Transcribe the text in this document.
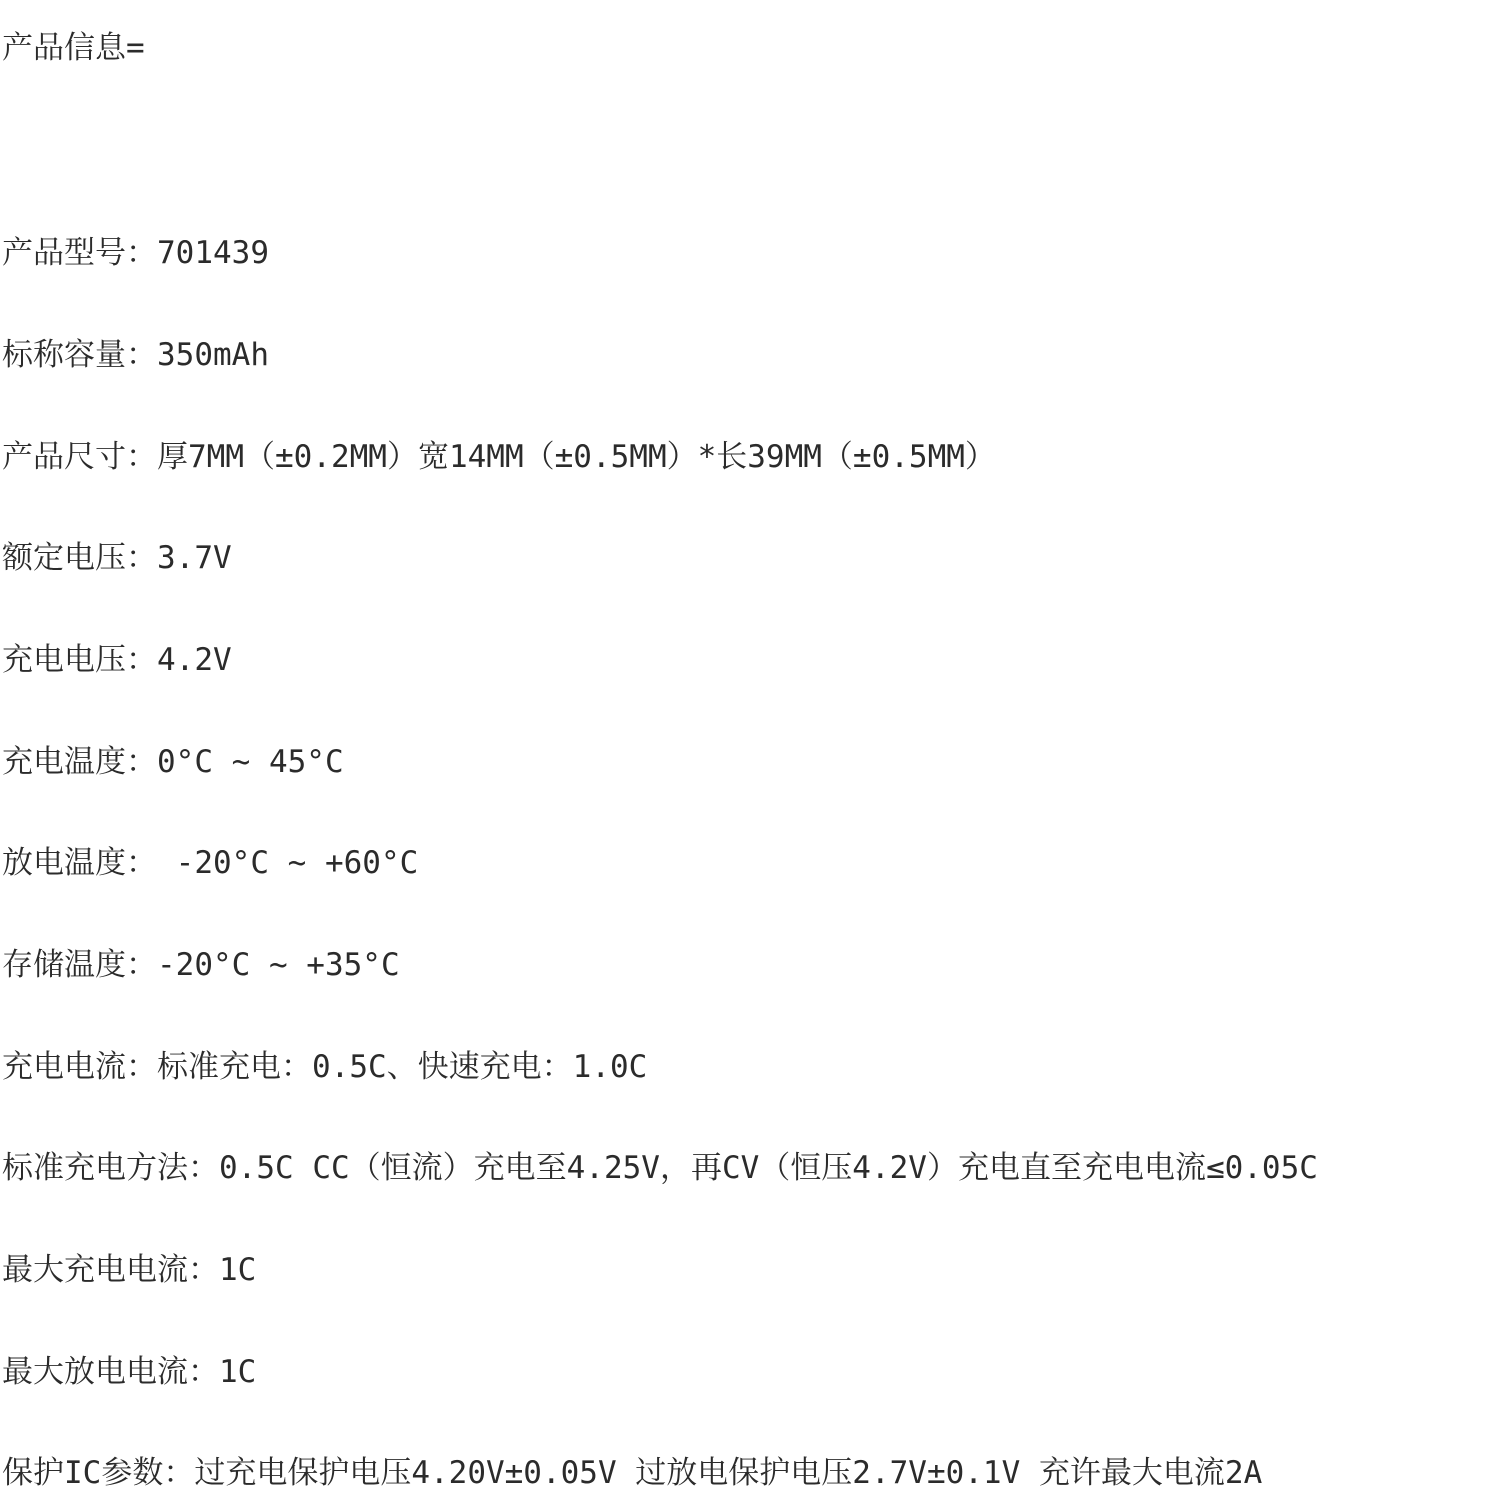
产品信息=
产品型号：701439
标称容量：350mAh
产品尺寸：厚7MM（±0.2MM）宽14MM（±0.5MM）*长39MM（±0.5MM）
额定电压：3.7V
充电电压：4.2V
充电温度：0°C ~ 45°C
放电温度： -20°C ~ +60°C
存储温度：-20°C ~ +35°C
充电电流：标准充电：0.5C、快速充电：1.0C
标准充电方法：0.5C CC（恒流）充电至4.25V，再CV（恒压4.2V）充电直至充电电流≤0.05C
最大充电电流：1C
最大放电电流：1C
保护IC参数：过充电保护电压4.20V±0.05V 过放电保护电压2.7V±0.1V 充许最大电流2A
